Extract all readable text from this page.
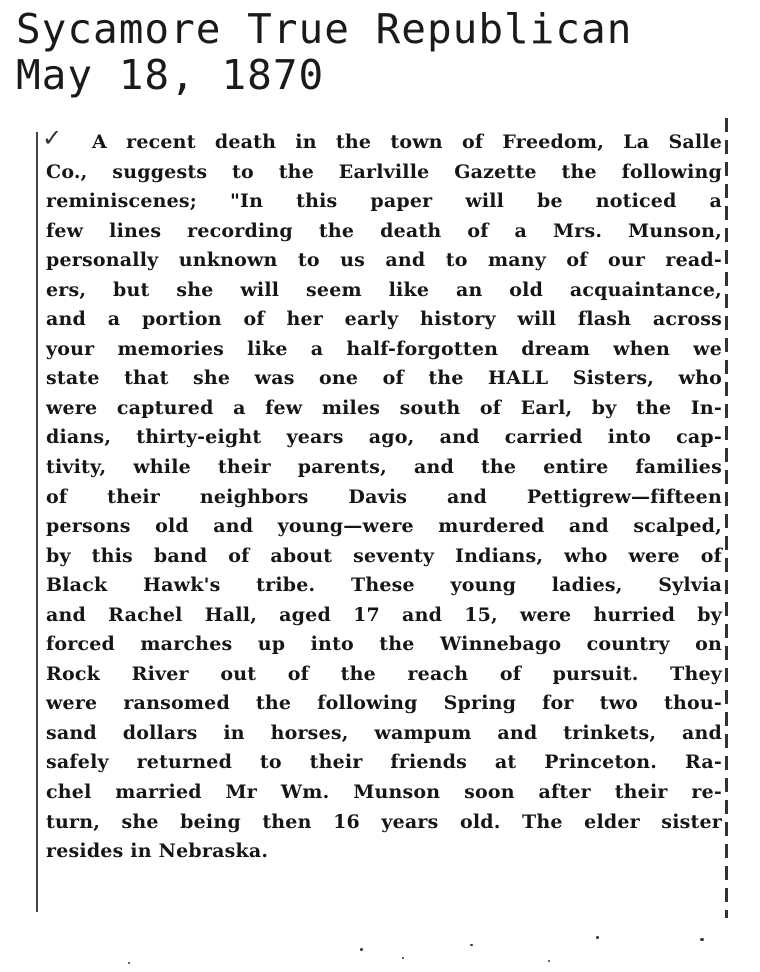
Sycamore True Republican
May 18, 1870
✓	A recent death in the town of Freedom, La Salle
Co., suggests to the Earlville Gazette the following
reminiscenes; "In this paper will be noticed a
few lines recording the death of a Mrs. Munson,
personally unknown to us and to many of our read-
ers, but she will seem like an old acquaintance,
and a portion of her early history will flash across
your memories like a half-forgotten dream when we
state that she was one of the HALL Sisters, who
were captured a few miles south of Earl, by the In-
dians, thirty-eight years ago, and carried into cap-
tivity, while their parents, and the entire families
of their neighbors Davis and Pettigrew—fifteen
persons old and young—were murdered and scalped,
by this band of about seventy Indians, who were of
Black Hawk's tribe. These young ladies, Sylvia
and Rachel Hall, aged 17 and 15, were hurried by
forced marches up into the Winnebago country on
Rock River out of the reach of pursuit. They
were ransomed the following Spring for two thou-
sand dollars in horses, wampum and trinkets, and
safely returned to their friends at Princeton. Ra-
chel married Mr Wm. Munson soon after their re-
turn, she being then 16 years old. The elder sister
resides in Nebraska.
